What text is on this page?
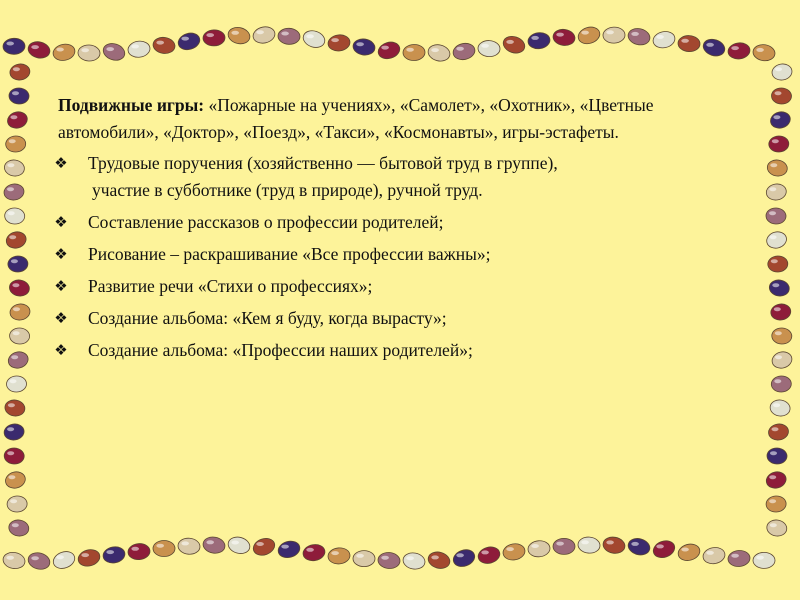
Подвижные игры: «Пожарные на учениях», «Самолет», «Охотник», «Цветные автомобили», «Доктор», «Поезд», «Такси», «Космонавты», игры-эстафеты.

❖ Трудовые поручения (хозяйственно — бытовой труд в группе),
участие в субботнике (труд в природе), ручной труд.
❖ Составление рассказов о профессии родителей;
❖ Рисование – раскрашивание «Все профессии важны»;
❖ Развитие речи «Стихи о профессиях»;
❖ Создание альбома: «Кем я буду, когда вырасту»;
❖ Создание альбома: «Профессии наших родителей»;
